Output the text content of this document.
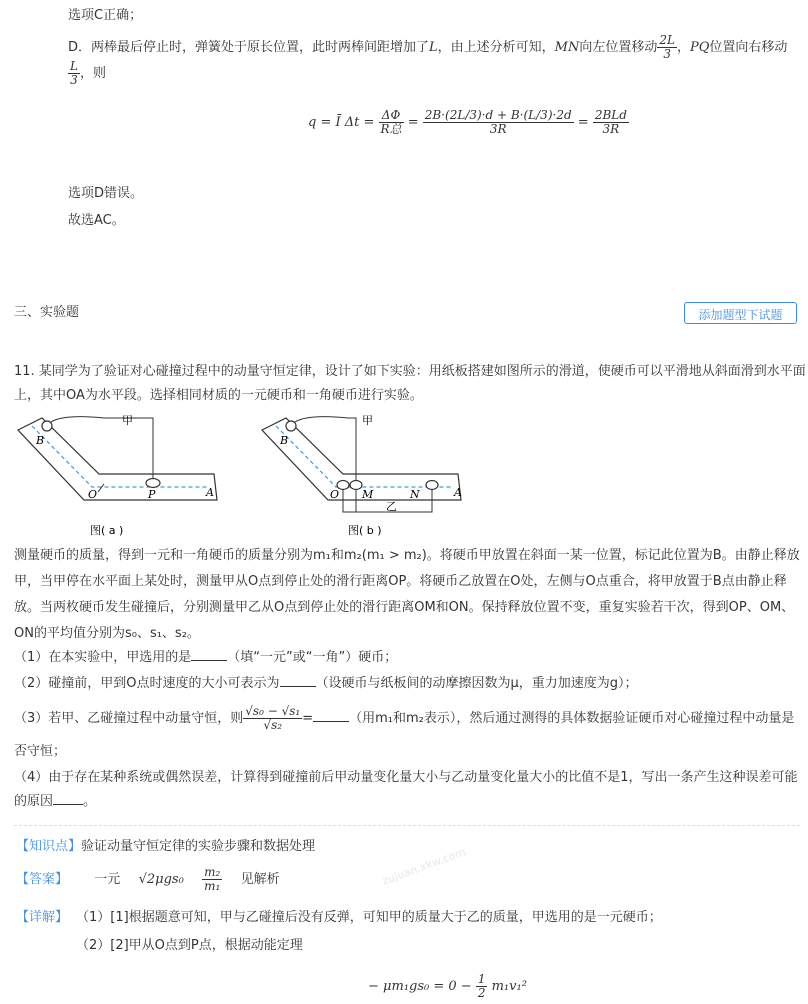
选项C正确；
D．两棒最后停止时，弹簧处于原长位置，此时两棒间距增加了L，由上述分析可知，MN向左位置移动 $\frac{2L}{3}$ ，PQ位置向右移动
$\frac{L}{3}$ ，则
q = Ī $\Delta t = \frac{\Delta\Phi}{\text{R总}} = \frac{2B\cdot(2L/3)\cdot d + B\cdot(L/3)\cdot 2d}{3R} = \frac{\text{2BLd}}{3R}$
选项D错误。
故选AC。
三、实验题	添加题型下试题
11. 某同学为了验证对心碰撞过程中的动量守恒定律，设计了如下实验：用纸板搭建如图所示的滑道，使硬币可以平滑地从斜面滑到水平面
上，其中OA为水平段。选择相同材质的一元硬币和一角硬币进行实验。
B
甲
O	P	A
图( a )
B
甲
O M	N	A
乙
图( b )
测量硬币的质量，得到一元和一角硬币的质量分别为m₁和m₂(m₁ > m₂)。将硬币甲放置在斜面一某一位置，标记此位置为B。由静止释放
甲，当甲停在水平面上某处时，测量甲从O点到停止处的滑行距离OP。将硬币乙放置在O处，左侧与O点重合，将甲放置于B点由静止释
放。当两枚硬币发生碰撞后，分别测量甲乙从O点到停止处的滑行距离OM和ON。保持释放位置不变，重复实验若干次，得到OP、OM、
ON的平均值分别为s₀、s₁、s₂。
（1）在本实验中，甲选用的是	（填“一元”或“一角”）硬币；
（2）碰撞前，甲到O点时速度的大小可表示为	（设硬币与纸板间的动摩擦因数为μ，重力加速度为g）；
（3）若甲、乙碰撞过程中动量守恒，则 $\frac{\text{√s₀ − √s₁}}{\text{√s₂}}$ =	（用m₁和m₂表示），然后通过测得的具体数据验证硬币对心碰撞过程中动量是
否守恒；
（4）由于存在某种系统或偶然误差，计算得到碰撞前后甲动量变化量大小与乙动量变化量大小的比值不是1，写出一条产生这种误差可能
的原因 。
【知识点】验证动量守恒定律的实验步骤和数据处理
【答案】 一元 $√2\mu gs_0 \frac{\text{m₂}}{\text{m₁}}$ 见解析	zujuan.xkw.com
【详解】 （1）[1]根据题意可知，甲与乙碰撞后没有反弹，可知甲的质量大于乙的质量，甲选用的是一元硬币；
（2）[2]甲从O点到P点，根据动能定理
− $\mu m_1gs_0 = 0 - \frac{1}{2} m_1v_1^2$
